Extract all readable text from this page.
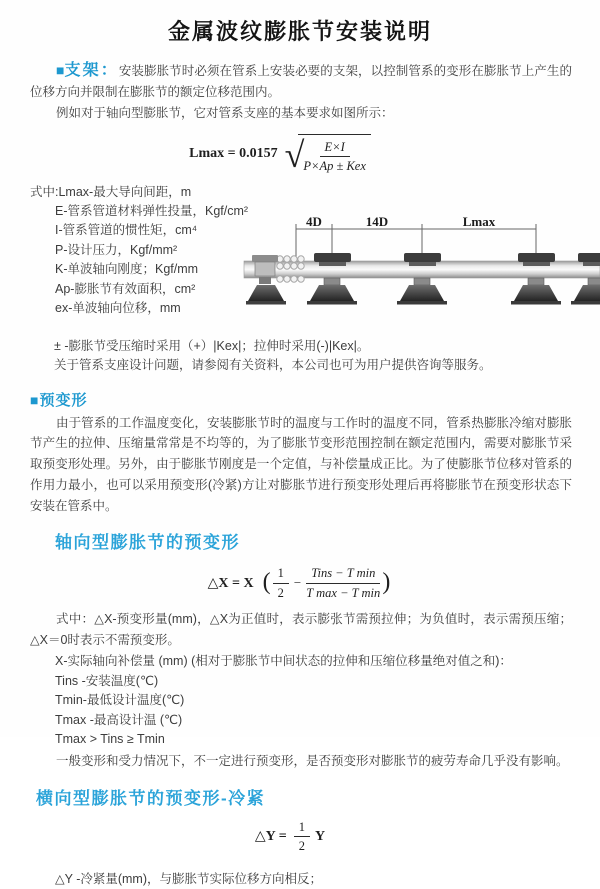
金属波纹膨胀节安装说明

■支架：安装膨胀节时必须在管系上安装必要的支架，以控制管系的变形在膨胀节上产生的位移方向并限制在膨胀节的额定位移范围内。

例如对于轴向型膨胀节，它对管系支座的基本要求如图所示：

Lmax = 0.0157 √ $\frac{E\times I}{\text{P×Ap ± Kex}}$
式中:Lmax-最大导向间距，m
E-管系管道材料弹性投量，Kgf/cm²
I-管系管道的惯性矩，cm⁴
P-设计压力，Kgf/mm²
K-单波轴向刚度；Kgf/mm
Ap-膨胀节有效面积，cm²
ex-单波轴向位移，mm
4D	14D	Lmax

± -膨胀节受压缩时采用（+）|Kex|；拉伸时采用(-)|Kex|。

关于管系支座设计问题，请参阅有关资料，本公司也可为用户提供咨询等服务。

■预变形

由于管系的工作温度变化，安装膨胀节时的温度与工作时的温度不同，管系热膨胀冷缩对膨胀节产生的拉伸、压缩量常常是不均等的，为了膨胀节变形范围控制在额定范围内，需要对膨胀节采取预变形处理。另外，由于膨胀节刚度是一个定值，与补偿量成正比。为了使膨胀节位移对管系的作用力最小，也可以采用预变形(冷紧)方让对膨胀节进行预变形处理后再将膨胀节在预变形状态下安装在管系中。

轴向型膨胀节的预变形
△X = X ( $\frac{1}{2} - \frac{\text{Tins − T min}}{\text{T max − T min}}$ )

式中：△X-预变形量(mm)，△X为正值时，表示膨张节需预拉伸；为负值时，表示需预压缩；△X＝0时表示不需预变形。

X-实际轴向补偿量 (mm) (相对于膨胀节中间状态的拉伸和压缩位移量绝对值之和)：
Tins -安装温度(℃)
Tmin-最低设计温度(℃)
Tmax -最高设计温 (℃)
Tmax > Tins ≥ Tmin

一般变形和受力情况下，不一定进行预变形，是否预变形对膨胀节的疲劳寿命几乎没有影响。

横向型膨胀节的预变形-冷紧
△Y = $\frac{1}{2}$ Y

△Y -冷紧量(mm)，与膨胀节实际位移方向相反；
